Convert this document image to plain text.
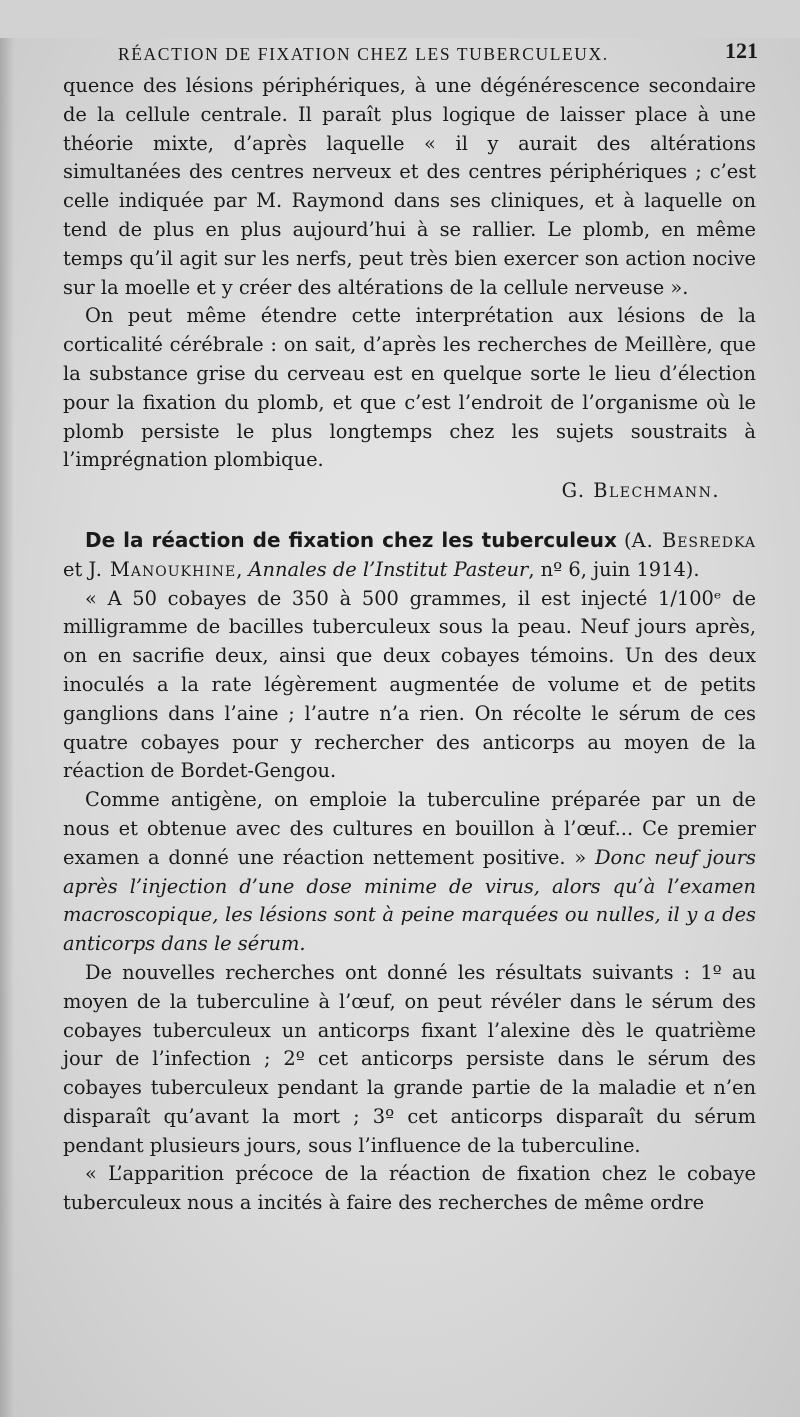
RÉACTION DE FIXATION CHEZ LES TUBERCULEUX.	121

quence des lésions périphériques, à une dégénérescence secondaire de la cellule centrale. Il paraît plus logique de laisser place à une théorie mixte, d’après laquelle « il y aurait des altérations simultanées des centres nerveux et des centres périphériques ; c’est celle indiquée par M. Raymond dans ses cliniques, et à laquelle on tend de plus en plus aujourd’hui à se rallier. Le plomb, en même temps qu’il agit sur les nerfs, peut très bien exercer son action nocive sur la moelle et y créer des altérations de la cellule nerveuse ».

On peut même étendre cette interprétation aux lésions de la corticalité cérébrale : on sait, d’après les recherches de Meillère, que la substance grise du cerveau est en quelque sorte le lieu d’élection pour la fixation du plomb, et que c’est l’endroit de l’organisme où le plomb persiste le plus longtemps chez les sujets soustraits à l’imprégnation plombique.

G. Blechmann.

De la réaction de fixation chez les tuberculeux (A. Besredka et J. Manoukhine, Annales de l’Institut Pasteur, nº 6, juin 1914).

« A 50 cobayes de 350 à 500 grammes, il est injecté 1/100ᵉ de milligramme de bacilles tuberculeux sous la peau. Neuf jours après, on en sacrifie deux, ainsi que deux cobayes témoins. Un des deux inoculés a la rate légèrement augmentée de volume et de petits ganglions dans l’aine ; l’autre n’a rien. On récolte le sérum de ces quatre cobayes pour y rechercher des anticorps au moyen de la réaction de Bordet-Gengou.

Comme antigène, on emploie la tuberculine préparée par un de nous et obtenue avec des cultures en bouillon à l’œuf... Ce premier examen a donné une réaction nettement positive. » Donc neuf jours après l’injection d’une dose minime de virus, alors qu’à l’examen macroscopique, les lésions sont à peine marquées ou nulles, il y a des anticorps dans le sérum.

De nouvelles recherches ont donné les résultats suivants : 1º au moyen de la tuberculine à l’œuf, on peut révéler dans le sérum des cobayes tuberculeux un anticorps fixant l’alexine dès le quatrième jour de l’infection ; 2º cet anticorps persiste dans le sérum des cobayes tuberculeux pendant la grande partie de la maladie et n’en disparaît qu’avant la mort ; 3º cet anticorps disparaît du sérum pendant plusieurs jours, sous l’influence de la tuberculine.

« L’apparition précoce de la réaction de fixation chez le cobaye tuberculeux nous a incités à faire des recherches de même ordre
